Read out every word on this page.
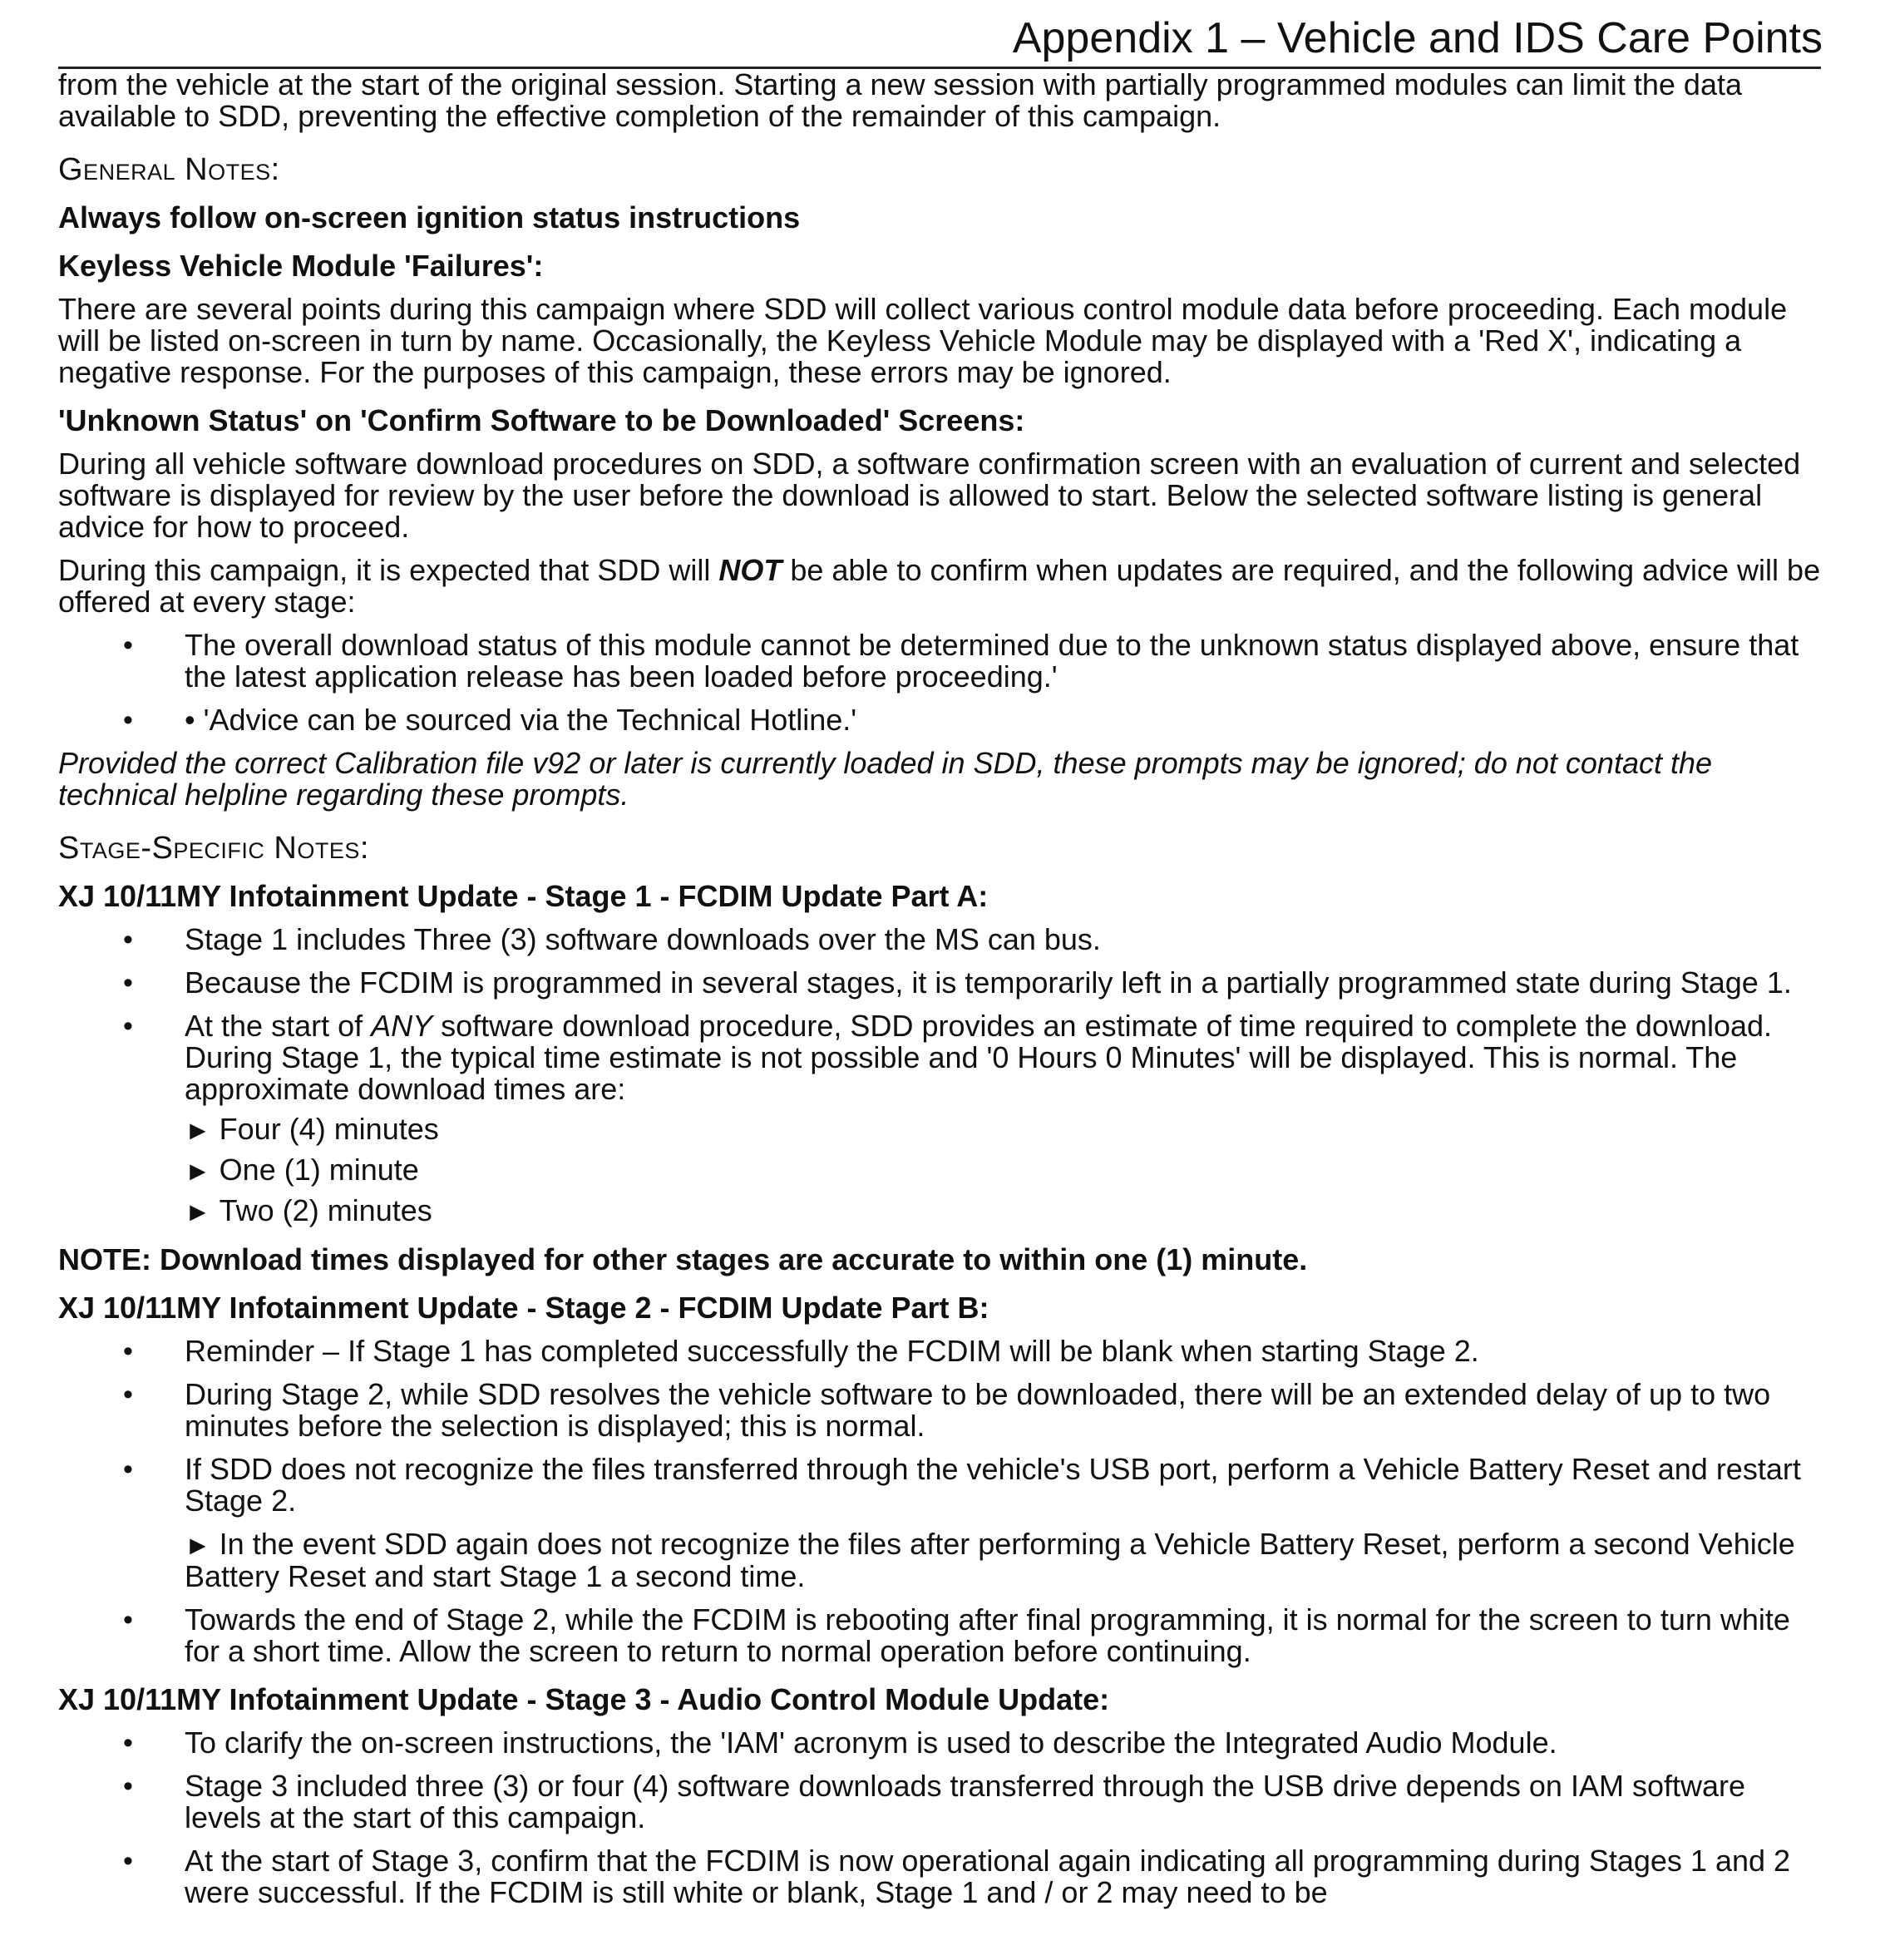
Appendix 1 – Vehicle and IDS Care Points

from the vehicle at the start of the original session. Starting a new session with partially programmed modules can limit the data available to SDD, preventing the effective completion of the remainder of this campaign.

General Notes:

Always follow on-screen ignition status instructions

Keyless Vehicle Module 'Failures':

There are several points during this campaign where SDD will collect various control module data before proceeding. Each module will be listed on-screen in turn by name. Occasionally, the Keyless Vehicle Module may be displayed with a 'Red X', indicating a negative response. For the purposes of this campaign, these errors may be ignored.

'Unknown Status' on 'Confirm Software to be Downloaded' Screens:

During all vehicle software download procedures on SDD, a software confirmation screen with an evaluation of current and selected software is displayed for review by the user before the download is allowed to start. Below the selected software listing is general advice for how to proceed.

During this campaign, it is expected that SDD will NOT be able to confirm when updates are required, and the following advice will be offered at every stage:

• The overall download status of this module cannot be determined due to the unknown status displayed above, ensure that the latest application release has been loaded before proceeding.'
• • 'Advice can be sourced via the Technical Hotline.'

Provided the correct Calibration file v92 or later is currently loaded in SDD, these prompts may be ignored; do not contact the technical helpline regarding these prompts.

Stage-Specific Notes:

XJ 10/11MY Infotainment Update - Stage 1 - FCDIM Update Part A:

• Stage 1 includes Three (3) software downloads over the MS can bus.
• Because the FCDIM is programmed in several stages, it is temporarily left in a partially programmed state during Stage 1.
• At the start of ANY software download procedure, SDD provides an estimate of time required to complete the download. During Stage 1, the typical time estimate is not possible and '0 Hours 0 Minutes' will be displayed. This is normal. The approximate download times are:
► Four (4) minutes
► One (1) minute
► Two (2) minutes

NOTE: Download times displayed for other stages are accurate to within one (1) minute.

XJ 10/11MY Infotainment Update - Stage 2 - FCDIM Update Part B:

• Reminder – If Stage 1 has completed successfully the FCDIM will be blank when starting Stage 2.
• During Stage 2, while SDD resolves the vehicle software to be downloaded, there will be an extended delay of up to two minutes before the selection is displayed; this is normal.
• If SDD does not recognize the files transferred through the vehicle's USB port, perform a Vehicle Battery Reset and restart Stage 2.
► In the event SDD again does not recognize the files after performing a Vehicle Battery Reset, perform a second Vehicle Battery Reset and start Stage 1 a second time.
• Towards the end of Stage 2, while the FCDIM is rebooting after final programming, it is normal for the screen to turn white for a short time. Allow the screen to return to normal operation before continuing.

XJ 10/11MY Infotainment Update - Stage 3 - Audio Control Module Update:

• To clarify the on-screen instructions, the 'IAM' acronym is used to describe the Integrated Audio Module.
• Stage 3 included three (3) or four (4) software downloads transferred through the USB drive depends on IAM software levels at the start of this campaign.
• At the start of Stage 3, confirm that the FCDIM is now operational again indicating all programming during Stages 1 and 2 were successful. If the FCDIM is still white or blank, Stage 1 and / or 2 may need to be
